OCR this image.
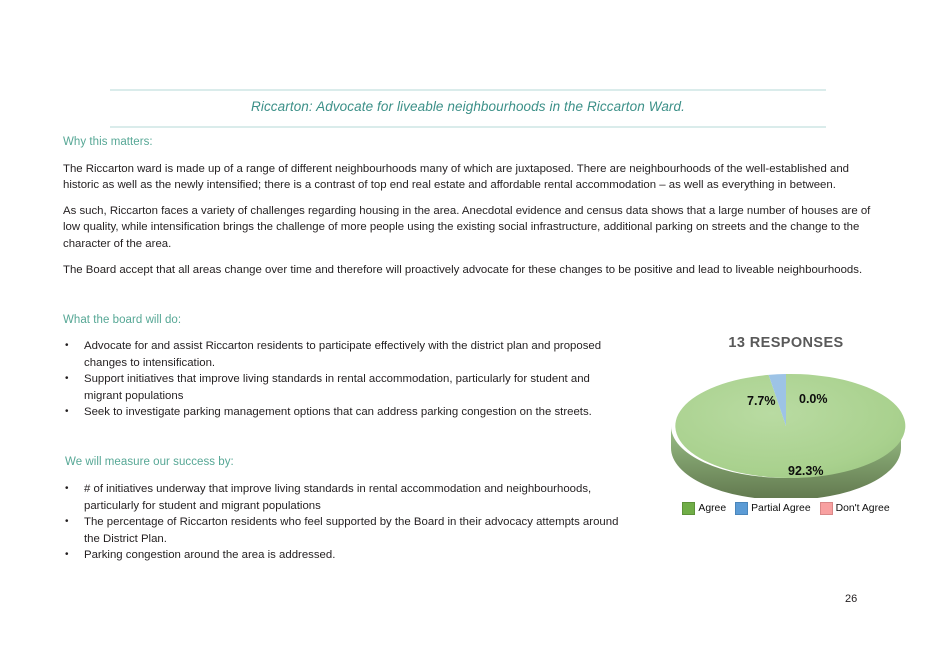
Riccarton: Advocate for liveable neighbourhoods in the Riccarton Ward.
Why this matters:
The Riccarton ward is made up of a range of different neighbourhoods many of which are juxtaposed. There are neighbourhoods of the well-established and historic as well as the newly intensified; there is a contrast of top end real estate and affordable rental accommodation – as well as everything in between.
As such, Riccarton faces a variety of challenges regarding housing in the area. Anecdotal evidence and census data shows that a large number of houses are of low quality, while intensification brings the challenge of more people using the existing social infrastructure, additional parking on streets and the change to the character of the area.
The Board accept that all areas change over time and therefore will proactively advocate for these changes to be positive and lead to liveable neighbourhoods.
What the board will do:
• Advocate for and assist Riccarton residents to participate effectively with the district plan and proposed changes to intensification.
• Support initiatives that improve living standards in rental accommodation, particularly for student and migrant populations
• Seek to investigate parking management options that can address parking congestion on the streets.
We will measure our success by:
• # of initiatives underway that improve living standards in rental accommodation and neighbourhoods, particularly for student and migrant populations
• The percentage of Riccarton residents who feel supported by the Board in their advocacy attempts around the District Plan.
• Parking congestion around the area is addressed.
13 RESPONSES
7.7% 0.0%
92.3%
Agree Partial Agree Don't Agree
26
